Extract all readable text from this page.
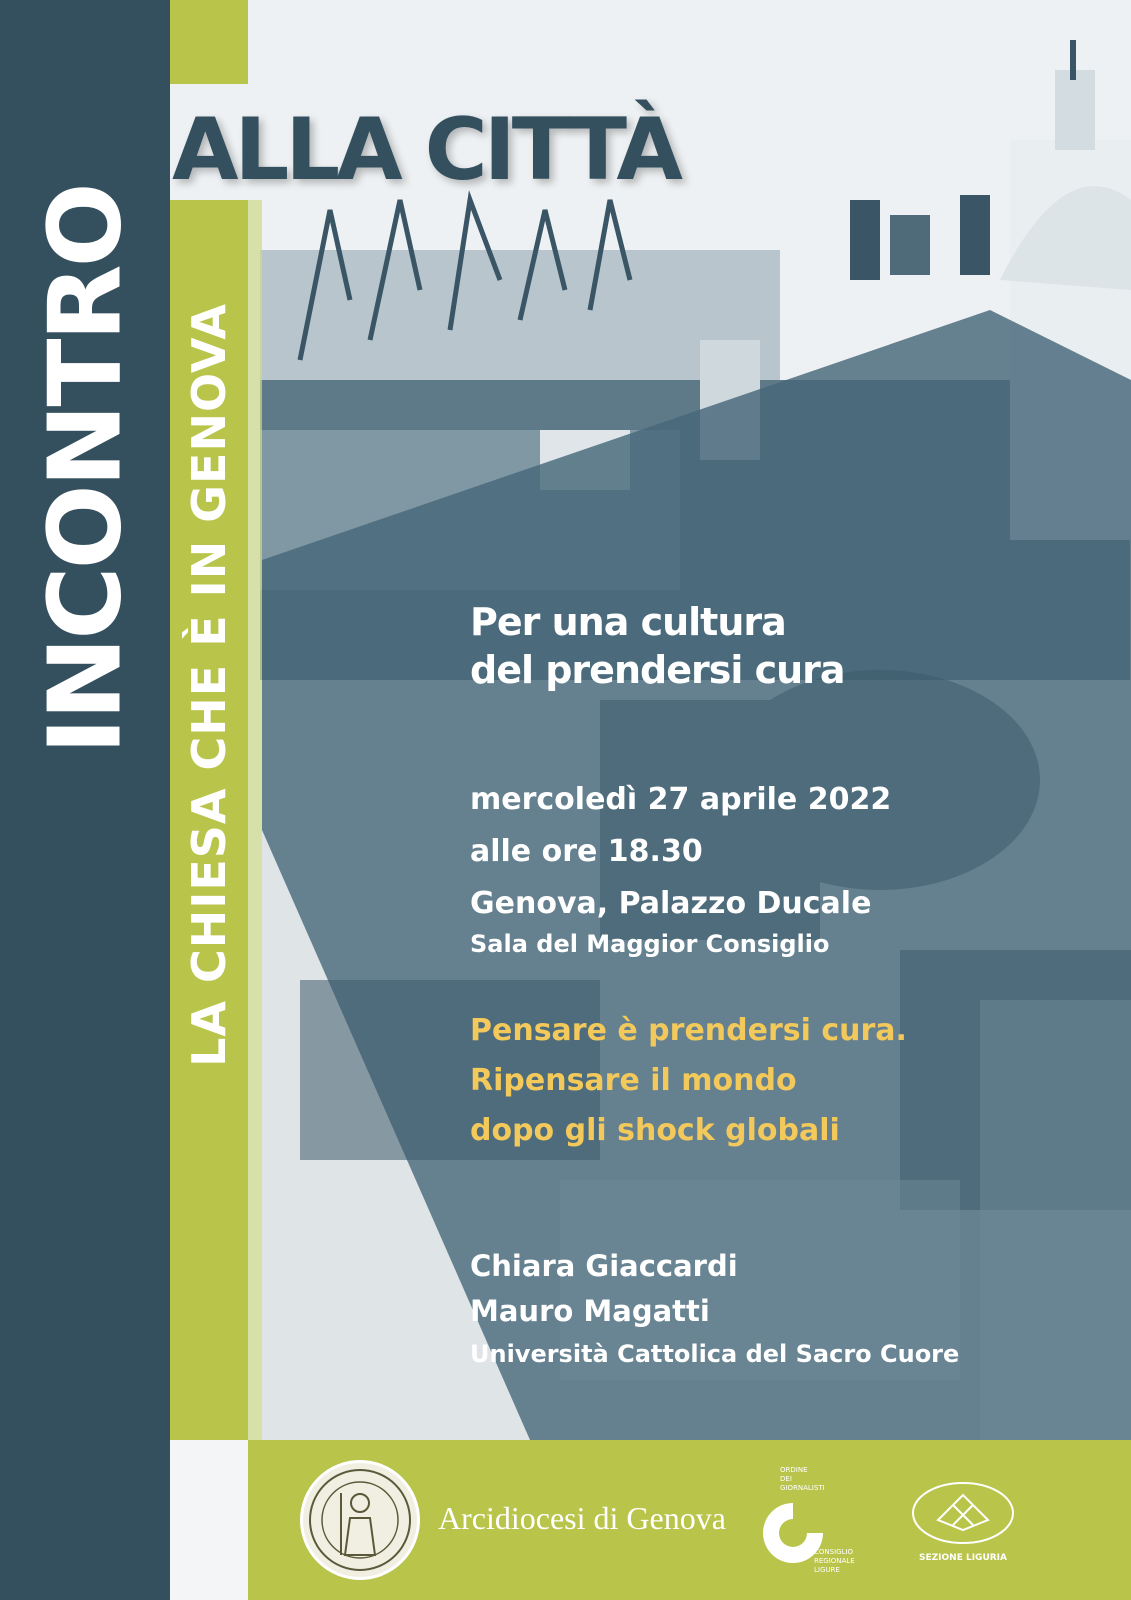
INCONTRO LA CHIESA CHE È IN GENOVA
ALLA CITTÀ

Per una cultura
del prendersi cura

mercoledì 27 aprile 2022
alle ore 18.30
Genova, Palazzo Ducale
Sala del Maggior Consiglio
Pensare è prendersi cura.
Ripensare il mondo
dopo gli shock globali
Chiara Giaccardi
Mauro Magatti
Università Cattolica del Sacro Cuore
Arcidiocesi di Genova
ORDINE
DEI
GIORNALISTI
CONSIGLIO
REGIONALE
LIGURE
SEZIONE LIGURIA
